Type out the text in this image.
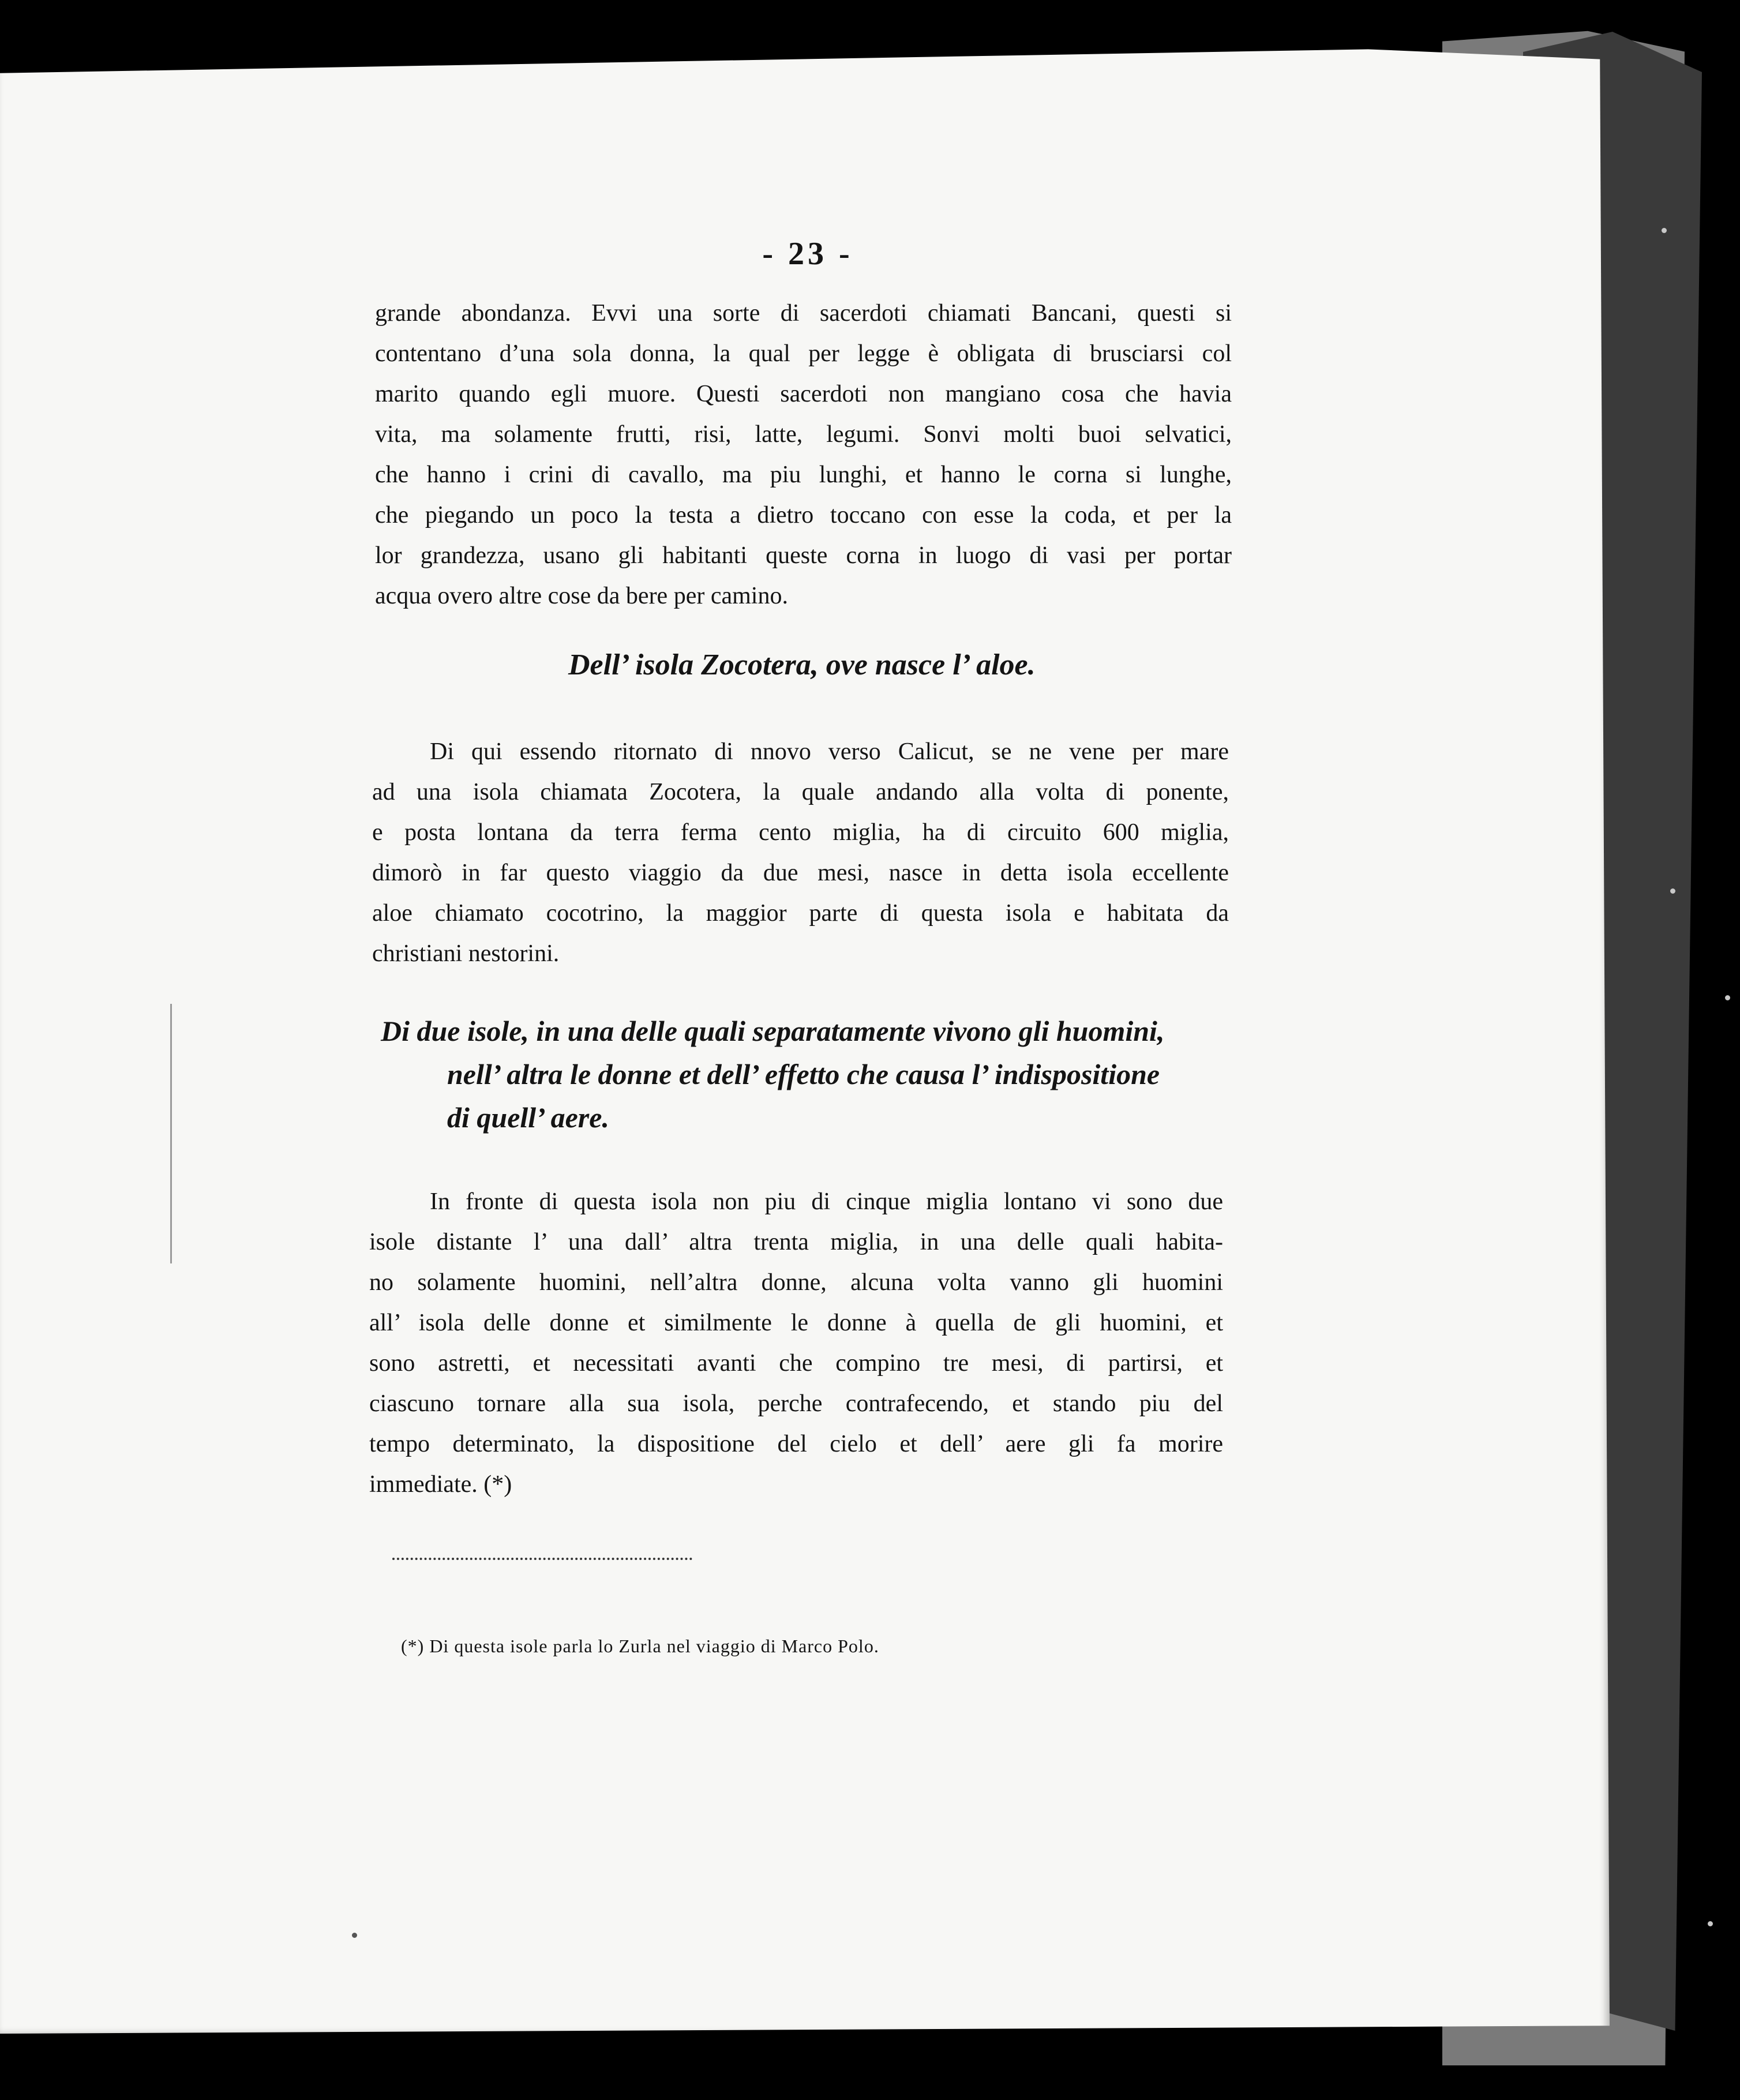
- 23 -
grande abondanza. Evvi una sorte di sacerdoti chiamati Bancani, questi si
contentano d’una sola donna, la qual per legge è obligata di brusciarsi col
marito quando egli muore. Questi sacerdoti non mangiano cosa che havia
vita, ma solamente frutti, risi, latte, legumi. Sonvi molti buoi selvatici,
che hanno i crini di cavallo, ma piu lunghi, et hanno le corna si lunghe,
che piegando un poco la testa a dietro toccano con esse la coda, et per la
lor grandezza, usano gli habitanti queste corna in luogo di vasi per portar
acqua overo altre cose da bere per camino.
Dell’ isola Zocotera, ove nasce l’ aloe.
Di qui essendo ritornato di nnovo verso Calicut, se ne vene per mare
ad una isola chiamata Zocotera, la quale andando alla volta di ponente,
e posta lontana da terra ferma cento miglia, ha di circuito 600 miglia,
dimorò in far questo viaggio da due mesi, nasce in detta isola eccellente
aloe chiamato cocotrino, la maggior parte di questa isola e habitata da
christiani nestorini.
Di due isole, in una delle quali separatamente vivono gli huomini,
nell’ altra le donne et dell’ effetto che causa l’ indispositione
di quell’ aere.
In fronte di questa isola non piu di cinque miglia lontano vi sono due
isole distante l’ una dall’ altra trenta miglia, in una delle quali habita-
no solamente huomini, nell’altra donne, alcuna volta vanno gli huomini
all’ isola delle donne et similmente le donne à quella de gli huomini, et
sono astretti, et necessitati avanti che compino tre mesi, di partirsi, et
ciascuno tornare alla sua isola, perche contrafecendo, et stando piu del
tempo determinato, la dispositione del cielo et dell’ aere gli fa morire
immediate. (*)
(*) Di questa isole parla lo Zurla nel viaggio di Marco Polo.
